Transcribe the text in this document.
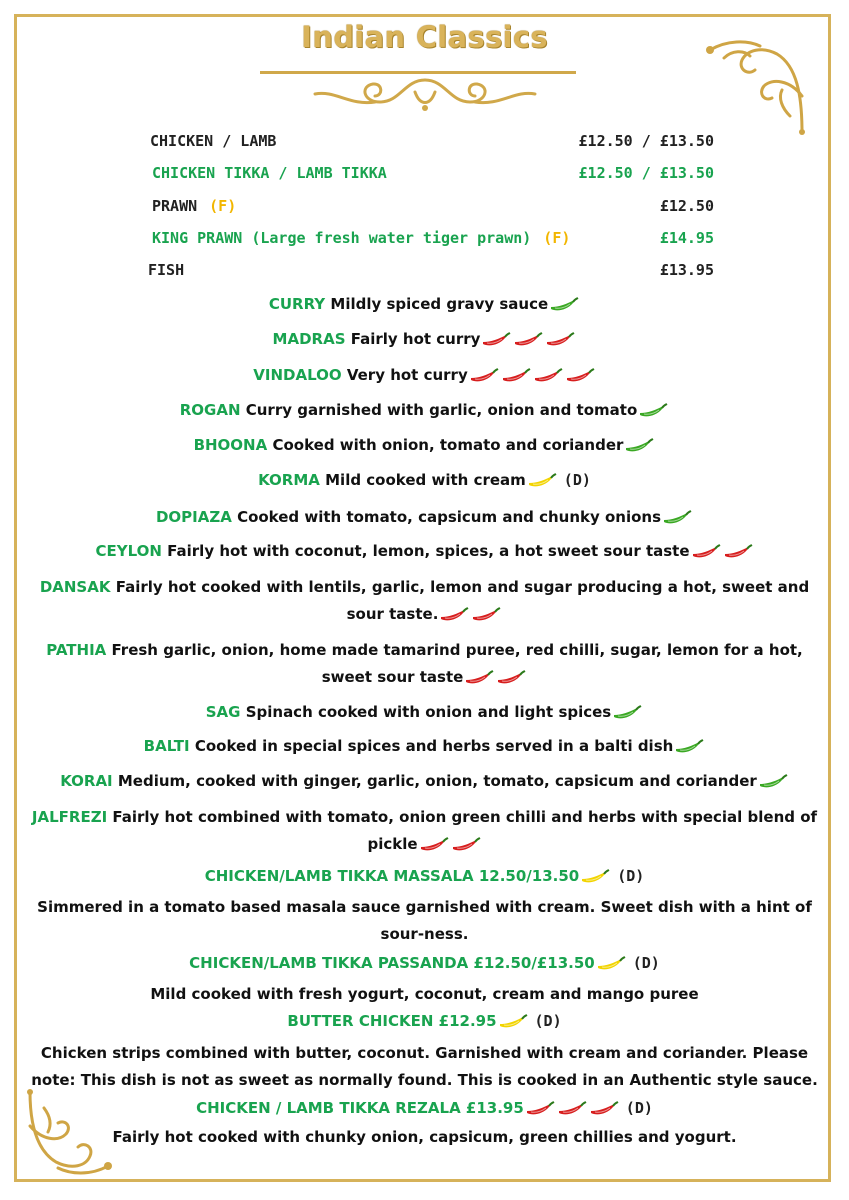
Indian Classics
CHICKEN / LAMB	£12.50 / £13.50
CHICKEN TIKKA / LAMB TIKKA	£12.50 / £13.50
PRAWN (F)	£12.50
KING PRAWN (Large fresh water tiger prawn) (F)	£14.95
FISH	£13.95
CURRY Mildly spiced gravy sauce
MADRAS Fairly hot curry
VINDALOO Very hot curry
ROGAN Curry garnished with garlic, onion and tomato
BHOONA Cooked with onion, tomato and coriander
KORMA Mild cooked with cream	(D)
DOPIAZA Cooked with tomato, capsicum and chunky onions
CEYLON Fairly hot with coconut, lemon, spices, a hot sweet sour taste
DANSAK Fairly hot cooked with lentils, garlic, lemon and sugar producing a hot, sweet and sour taste.
PATHIA Fresh garlic, onion, home made tamarind puree, red chilli, sugar, lemon for a hot, sweet sour taste
SAG Spinach cooked with onion and light spices
BALTI Cooked in special spices and herbs served in a balti dish
KORAI Medium, cooked with ginger, garlic, onion, tomato, capsicum and coriander
JALFREZI Fairly hot combined with tomato, onion green chilli and herbs with special blend of pickle
CHICKEN/LAMB TIKKA MASSALA 12.50/13.50	(D)
Simmered in a tomato based masala sauce garnished with cream. Sweet dish with a hint of sour-ness.
CHICKEN/LAMB TIKKA PASSANDA £12.50/£13.50	(D)
Mild cooked with fresh yogurt, coconut, cream and mango puree
BUTTER CHICKEN £12.95	(D)
Chicken strips combined with butter, coconut. Garnished with cream and coriander. Please note: This dish is not as sweet as normally found. This is cooked in an Authentic style sauce.
CHICKEN / LAMB TIKKA REZALA £13.95	(D)
Fairly hot cooked with chunky onion, capsicum, green chillies and yogurt.
